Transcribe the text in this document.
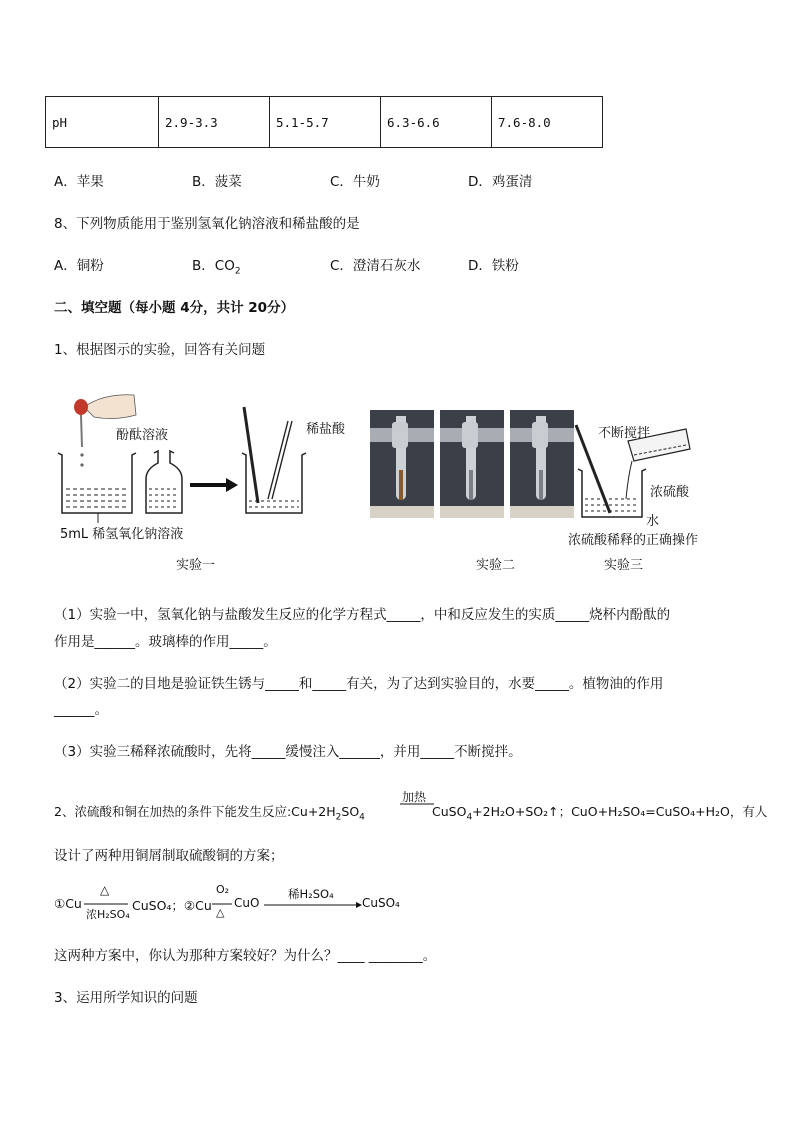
pH	2.9-3.3	5.1-5.7	6.3-6.6	7.6-8.0
A．苹果	B．菠菜	C．牛奶	D．鸡蛋清
8、下列物质能用于鉴别氢氧化钠溶液和稀盐酸的是
A．铜粉	B．$CO_2$	C．澄清石灰水	D．铁粉
二、填空题（每小题 4分，共计 20分）
1、根据图示的实验，回答有关问题
酚酞溶液	稀盐酸
5mL 稀氢氧化钠溶液
实验一	实验二	实验三
不断搅拌
浓硫酸
水
浓硫酸稀释的正确操作
（1）实验一中，氢氧化钠与盐酸发生反应的化学方程式_____，中和反应发生的实质_____烧杯内酚酞的
作用是______。玻璃棒的作用_____。
（2）实验二的目地是验证铁生锈与_____和_____有关，为了达到实验目的，水要_____。植物油的作用
______。
（3）实验三稀释浓硫酸时，先将_____缓慢注入______，并用_____不断搅拌。
2、浓硫酸和铜在加热的条件下能发生反应$:Cu+2H_2SO_4$
加热
CuSO$_4$+2H₂O+SO₂↑；CuO+H₂SO₄=CuSO₄+H₂O，有人
设计了两种用铜屑制取硫酸铜的方案；
①Cu
△
浓H₂SO₄
CuSO₄；②Cu
O₂
△
CuO
稀H₂SO₄
CuSO₄
这两种方案中，你认为那种方案较好？为什么？____ ________。
3、运用所学知识的问题
